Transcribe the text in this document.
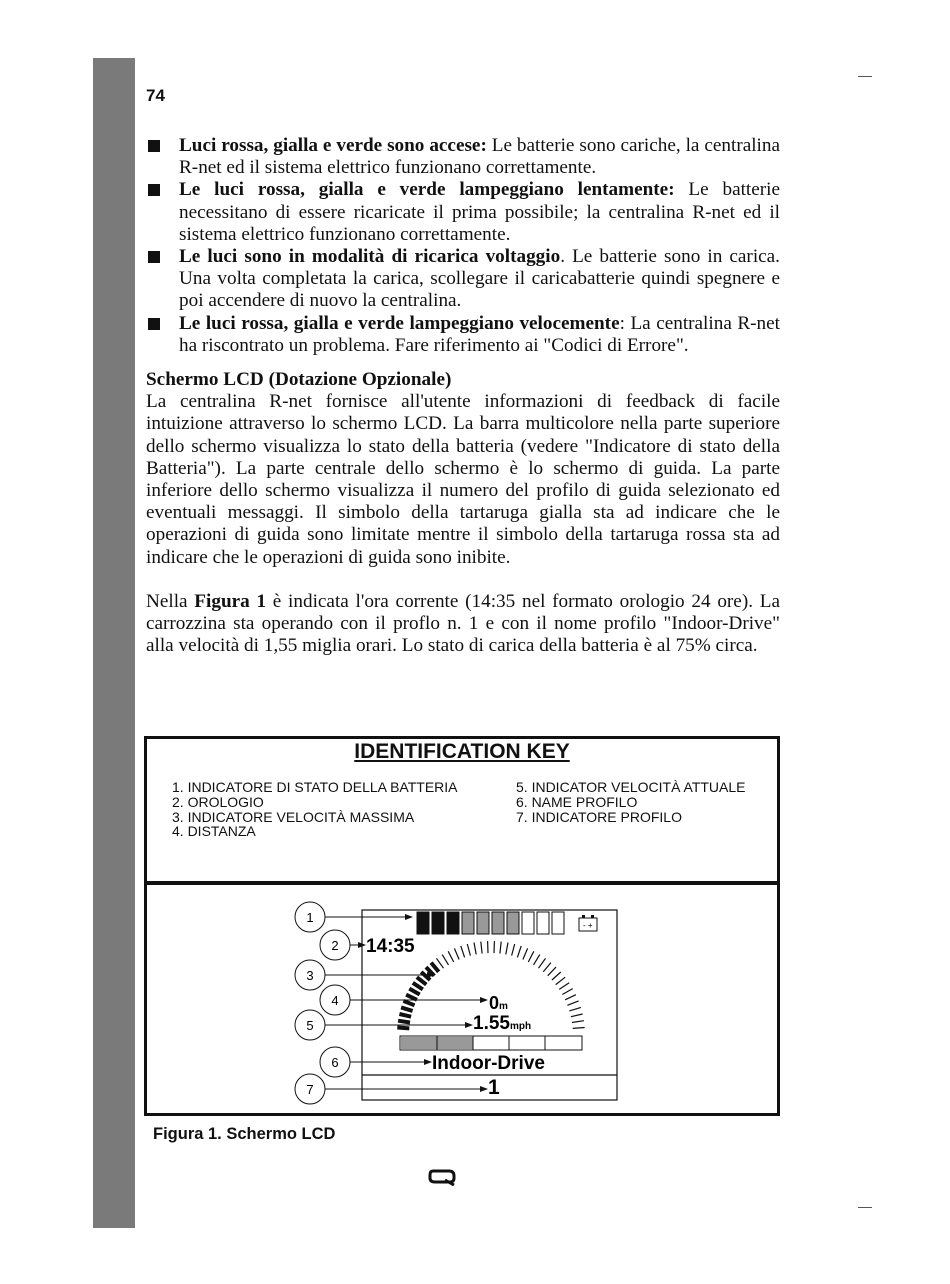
74
Luci rossa, gialla e verde sono accese: Le batterie sono cariche, la centralina R-net ed il sistema elettrico funzionano correttamente.
Le luci rossa, gialla e verde lampeggiano lentamente: Le batterie necessitano di essere ricaricate il prima possibile; la centralina R-net ed il sistema elettrico funzionano correttamente.
Le luci sono in modalità di ricarica voltaggio. Le batterie sono in carica. Una volta completata la carica, scollegare il caricabatterie quindi spegnere e poi accendere di nuovo la centralina.
Le luci rossa, gialla e verde lampeggiano velocemente: La centralina R-net ha riscontrato un problema. Fare riferimento ai "Codici di Errore".
Schermo LCD (Dotazione Opzionale)

La centralina R-net fornisce all'utente informazioni di feedback di facile intuizione attraverso lo schermo LCD. La barra multicolore nella parte superiore dello schermo visualizza lo stato della batteria (vedere "Indicatore di stato della Batteria"). La parte centrale dello schermo è lo schermo di guida. La parte inferiore dello schermo visualizza il numero del profilo di guida selezionato ed eventuali messaggi. Il simbolo della tartaruga gialla sta ad indicare che le operazioni di guida sono limitate mentre il simbolo della tartaruga rossa sta ad indicare che le operazioni di guida sono inibite.

Nella Figura 1 è indicata l'ora corrente (14:35 nel formato orologio 24 ore). La carrozzina sta operando con il proflo n. 1 e con il nome profilo "Indoor-Drive" alla velocità di 1,55 miglia orari. Lo stato di carica della batteria è al 75% circa.

IDENTIFICATION KEY
1. INDICATORE DI STATO DELLA BATTERIA
2. OROLOGIO
3. INDICATORE VELOCITÀ MASSIMA
4. DISTANZA
5. INDICATOR VELOCITÀ ATTUALE
6. NAME PROFILO
7. INDICATORE PROFILO
- +
14:35
0m
1.55mph
Indoor-Drive
1
1
2
3
4
5
6
7
Figura 1. Schermo LCD
